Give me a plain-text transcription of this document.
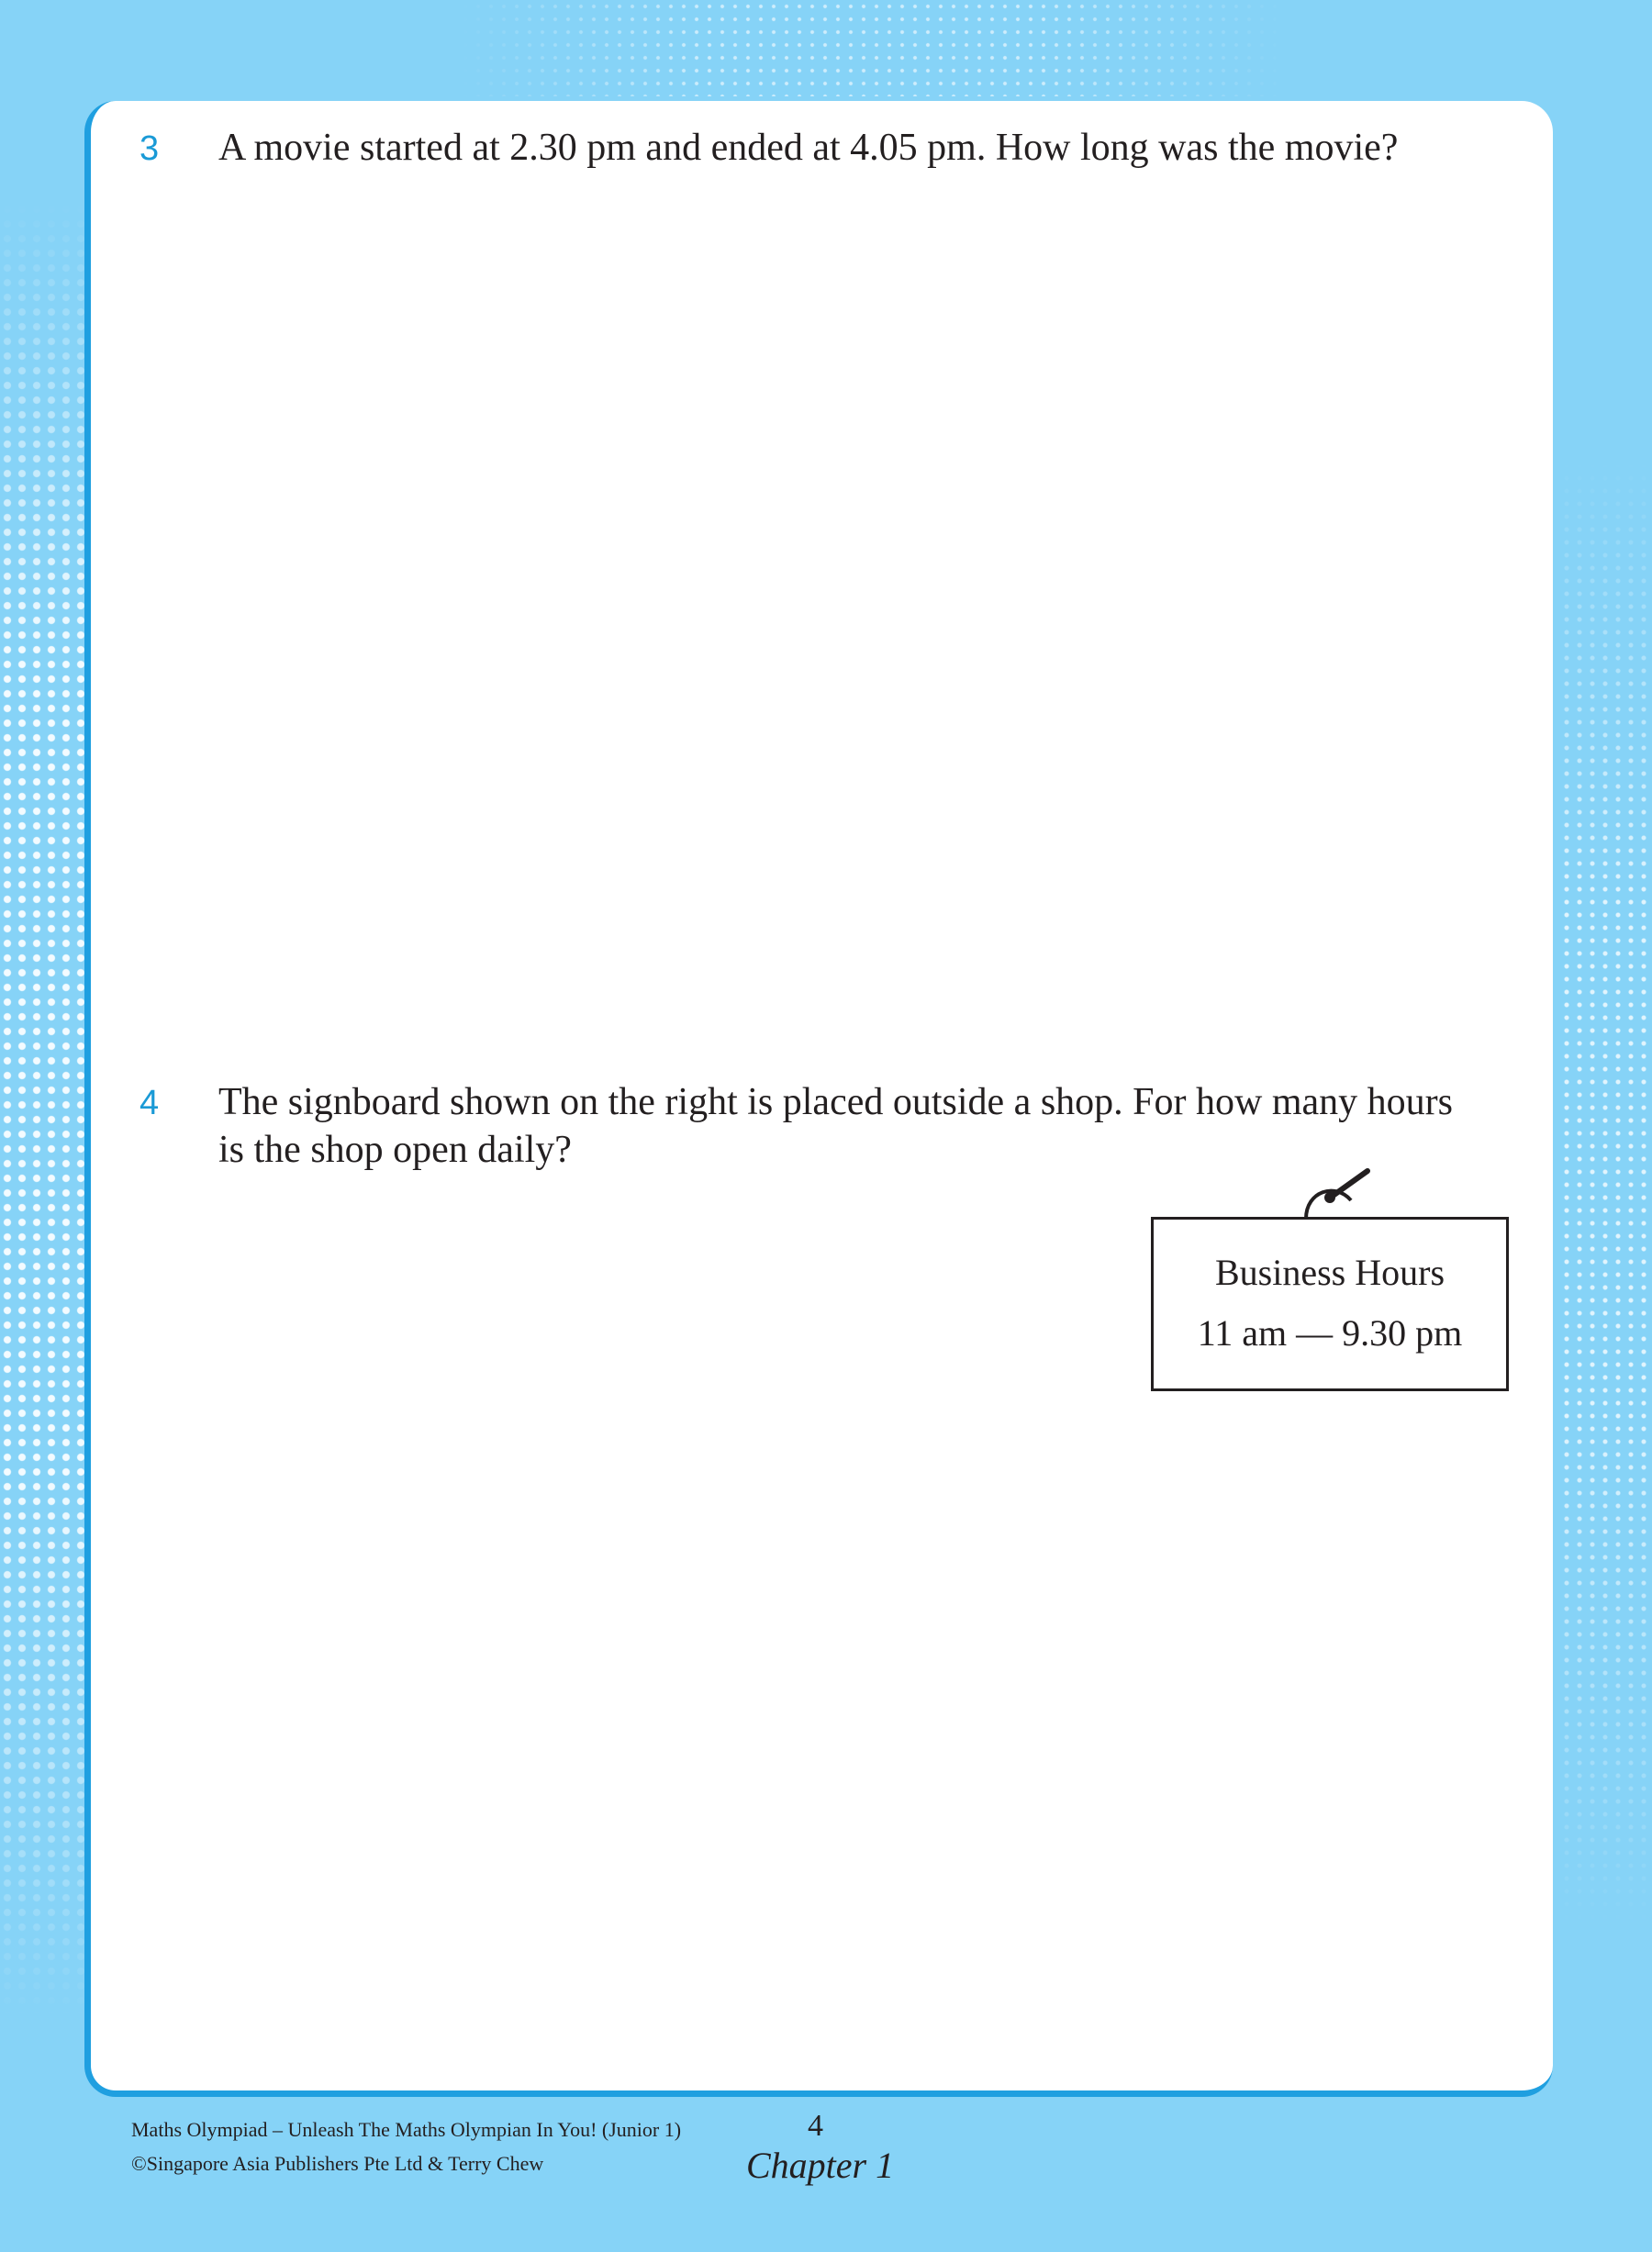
3 A movie started at 2.30 pm and ended at 4.05 pm. How long was the movie?
4 The signboard shown on the right is placed outside a shop. For how many hours
is the shop open daily?
Business Hours
11 am — 9.30 pm
Maths Olympiad – Unleash The Maths Olympian In You! (Junior 1)
©Singapore Asia Publishers Pte Ltd & Terry Chew
4
Chapter 1
